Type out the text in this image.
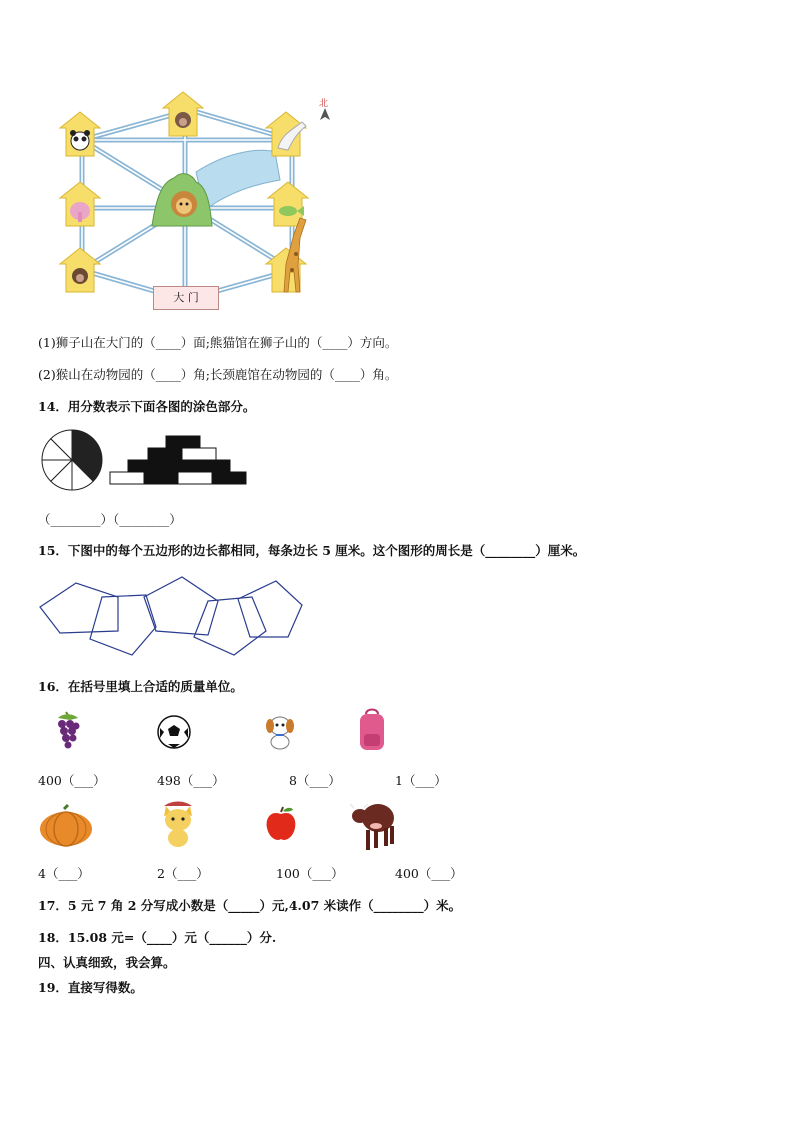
大 门
北
(1)狮子山在大门的（____）面;熊猫馆在狮子山的（____）方向。
(2)猴山在动物园的（____）角;长颈鹿馆在动物园的（____）角。
14．用分数表示下面各图的涂色部分。
（________）（________）
15．下图中的每个五边形的边长都相同，每条边长 5 厘米。这个图形的周长是（________）厘米。
16．在括号里填上合适的质量单位。
400（___）	498（___）	8（___）	1（___）
4（___）	2（___）	100（___）	400（___）
17．5 元 7 角 2 分写成小数是（_____）元,4.07 米读作（________）米。
18．15.08 元=（____）元（______）分.
四、认真细致，我会算。
19．直接写得数。
